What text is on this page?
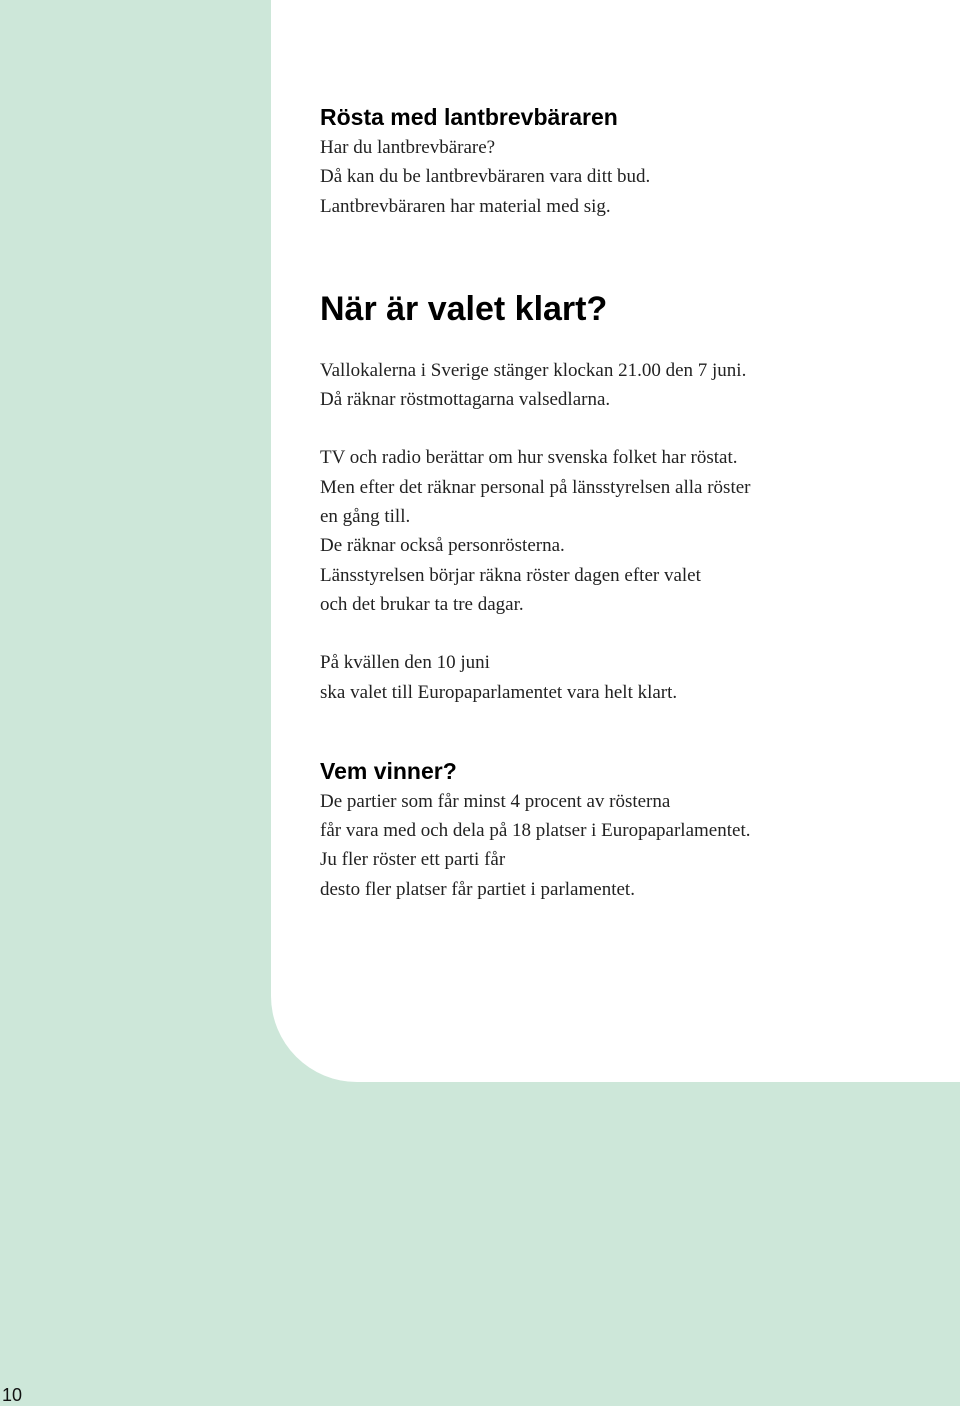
Rösta med lantbrevbäraren

Har du lantbrevbärare?
Då kan du be lantbrevbäraren vara ditt bud.
Lantbrevbäraren har material med sig.

När är valet klart?

Vallokalerna i Sverige stänger klockan 21.00 den 7 juni.
Då räknar röstmottagarna valsedlarna.

TV och radio berättar om hur svenska folket har röstat.
Men efter det räknar personal på länsstyrelsen alla röster
en gång till.
De räknar också personrösterna.
Länsstyrelsen börjar räkna röster dagen efter valet
och det brukar ta tre dagar.

På kvällen den 10 juni
ska valet till Europaparlamentet vara helt klart.

Vem vinner?

De partier som får minst 4 procent av rösterna
får vara med och dela på 18 platser i Europaparlamentet.
Ju fler röster ett parti får
desto fler platser får partiet i parlamentet.

10
